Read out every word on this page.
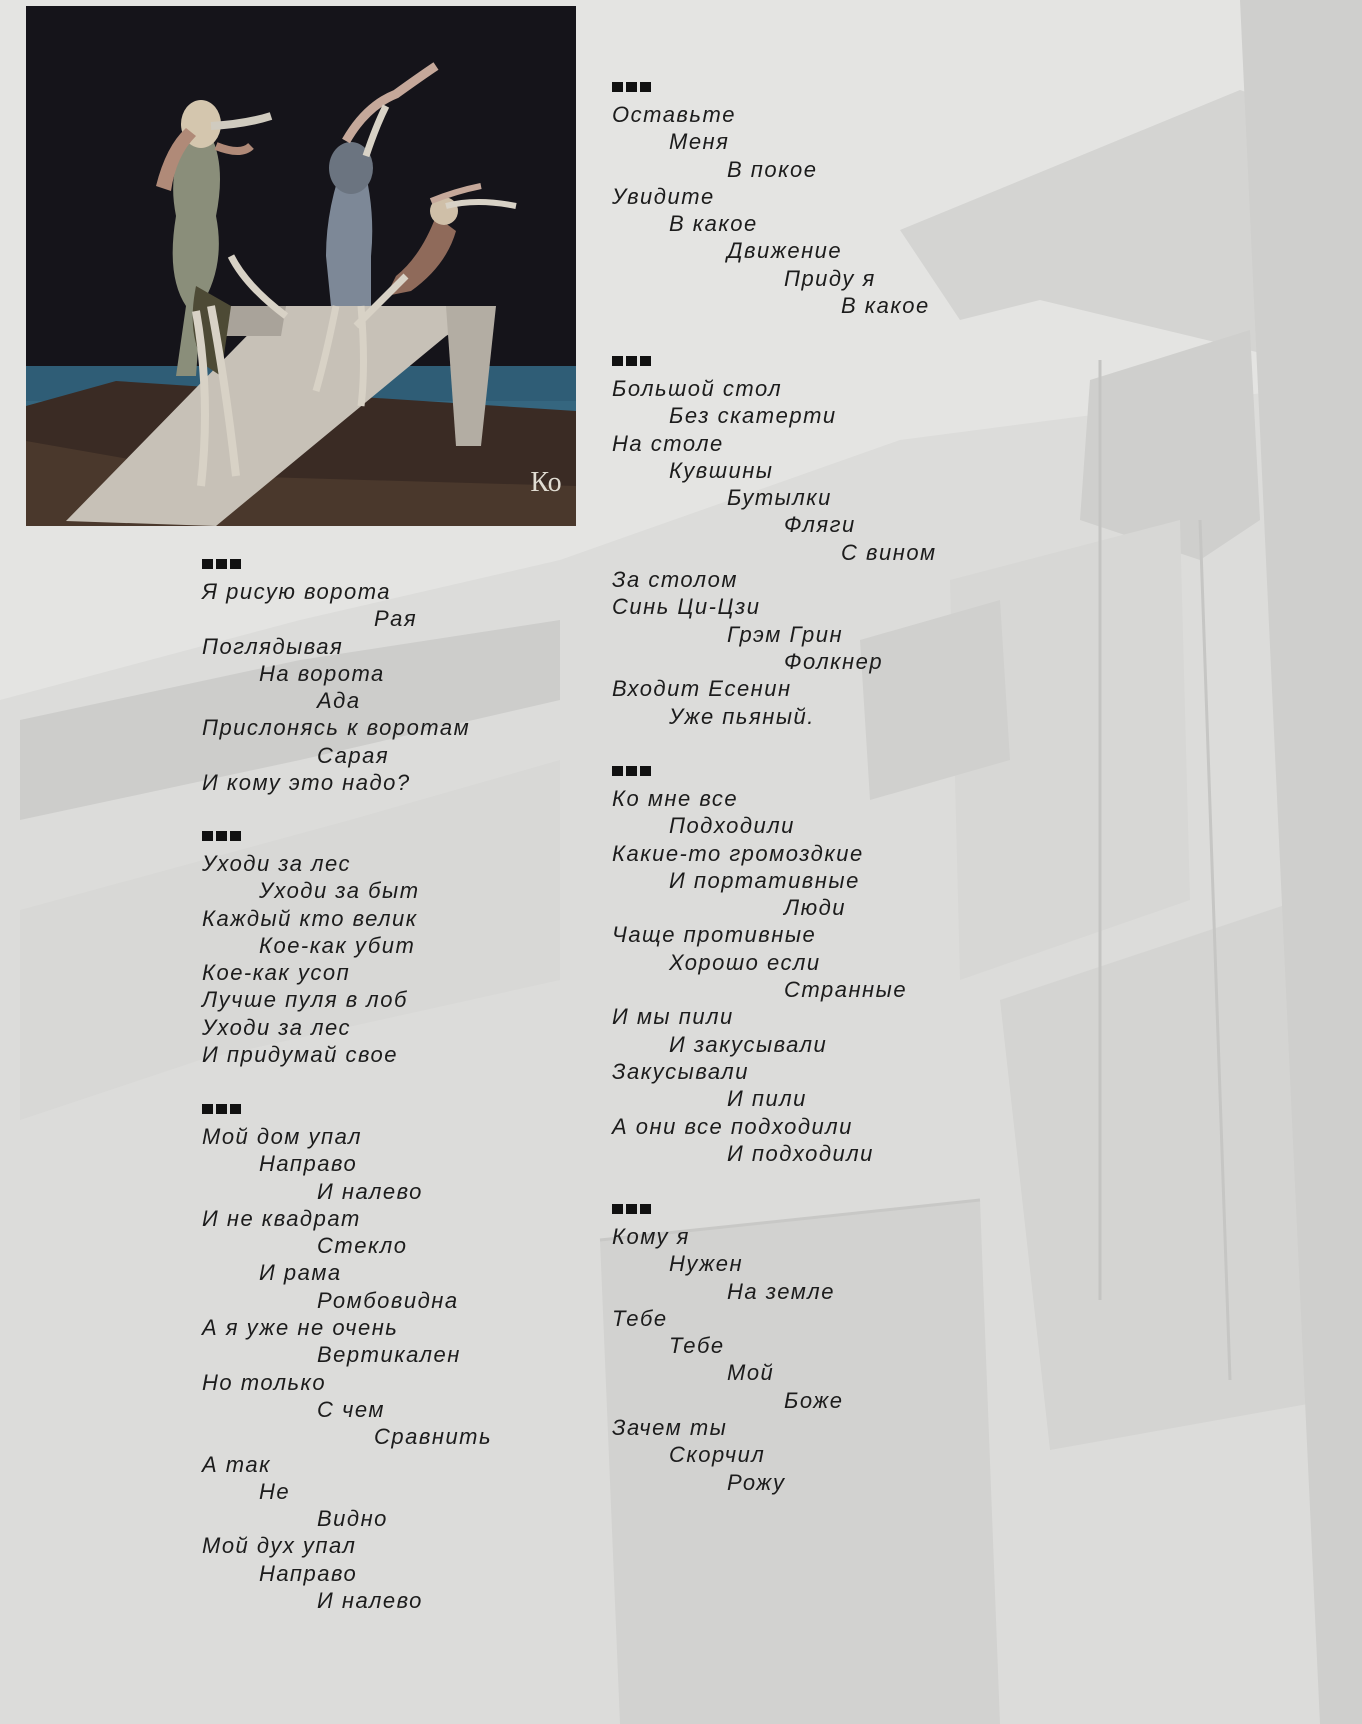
Ко
Я рисую ворота
Рая
Поглядывая
На ворота
Ада
Прислонясь к воротам
Сарая
И кому это надо?
Уходи за лес
Уходи за быт
Каждый кто велик
Кое-как убит
Кое-как усоп
Лучше пуля в лоб
Уходи за лес
И придумай свое
Мой дом упал
Направо
И налево
И не квадрат
Стекло
И рама
Ромбовидна
А я уже не очень
Вертикален
Но только
С чем
Сравнить
А так
Не
Видно
Мой дух упал
Направо
И налево
Оставьте
Меня
В покое
Увидите
В какое
Движение
Приду я
В какое
Большой стол
Без скатерти
На столе
Кувшины
Бутылки
Фляги
С вином
За столом
Синь Ци-Цзи
Грэм Грин
Фолкнер
Входит Есенин
Уже пьяный.
Ко мне все
Подходили
Какие-то громоздкие
И портативные
Люди
Чаще противные
Хорошо если
Странные
И мы пили
И закусывали
Закусывали
И пили
А они все подходили
И подходили
Кому я
Нужен
На земле
Тебе
Тебе
Мой
Боже
Зачем ты
Скорчил
Рожу
